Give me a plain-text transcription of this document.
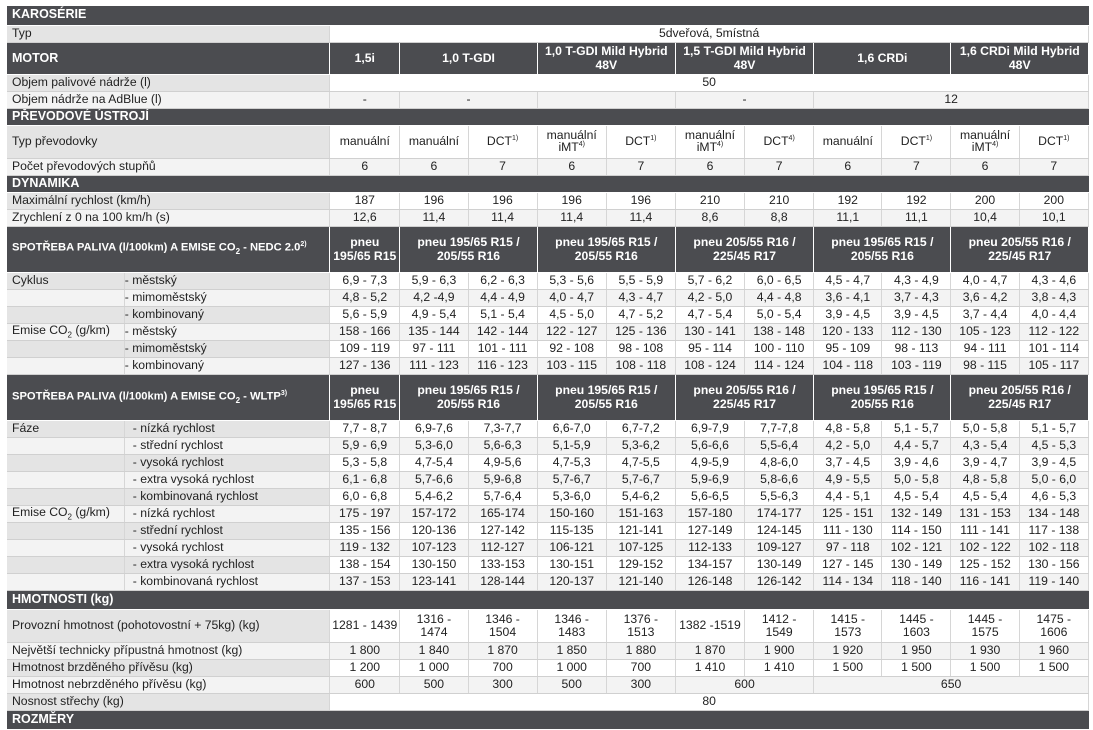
KAROSÉRIE												
Typ		5dveřová, 5místná										
MOTOR		1,5i	1,0 T-GDI		1,0 T-GDI Mild Hybrid 48V		1,5 T-GDI Mild Hybrid 48V		1,6 CRDi		1,6 CRDi Mild Hybrid 48V	
Objem palivové nádrže (l)		50										
Objem nádrže na AdBlue (l)		-	-				-		12			
PŘEVODOVÉ ÚSTROJÍ												
Typ převodovky		manuální	manuální	DCT$^{1)}$	manuální iMT$^{4)}$	DCT$^{1)}$	manuální iMT$^{4)}$	DCT$^{4)}$	manuální	DCT$^{1)}$	manuální iMT$^{4)}$	DCT$^{1)}$
Počet převodových stupňů		6	6	7	6	7	6	7	6	7	6	7
DYNAMIKA												
Maximální rychlost (km/h)		187	196	196	196	196	210	210	192	192	200	200
Zrychlení z 0 na 100 km/h (s)		12,6	11,4	11,4	11,4	11,4	8,6	8,8	11,1	11,1	10,4	10,1
SPOTŘEBA PALIVA (l/100km) A EMISE $CO_2$ - NEDC 2.0$^{2)}$		pneu 195/65 R15	pneu 195/65 R15 / 205/55 R16		pneu 195/65 R15 / 205/55 R16		pneu 205/55 R16 / 225/45 R17		pneu 195/65 R15 / 205/55 R16		pneu 205/55 R16 / 225/45 R17	
Cyklus	- městský	6,9 - 7,3	5,9 - 6,3	6,2 - 6,3	5,3 - 5,6	5,5 - 5,9	5,7 - 6,2	6,0 - 6,5	4,5 - 4,7	4,3 - 4,9	4,0 - 4,7	4,3 - 4,6
	- mimoměstský	4,8 - 5,2	4,2 -4,9	4,4 - 4,9	4,0 - 4,7	4,3 - 4,7	4,2 - 5,0	4,4 - 4,8	3,6 - 4,1	3,7 - 4,3	3,6 - 4,2	3,8 - 4,3
	- kombinovaný	5,6 - 5,9	4,9 - 5,4	5,1 - 5,4	4,5 - 5,0	4,7 - 5,2	4,7 - 5,4	5,0 - 5,4	3,9 - 4,5	3,9 - 4,5	3,7 - 4,4	4,0 - 4,4
Emise $CO_2$ (g/km)	- městský	158 - 166	135 - 144	142 - 144	122 - 127	125 - 136	130 - 141	138 - 148	120 - 133	112 - 130	105 - 123	112 - 122
	- mimoměstský	109 - 119	97 - 111	101 - 111	92 - 108	98 - 108	95 - 114	100 - 110	95 - 109	98 - 113	94 - 111	101 - 114
	- kombinovaný	127 - 136	111 - 123	116 - 123	103 - 115	108 - 118	108 - 124	114 - 124	104 - 118	103 - 119	98 - 115	105 - 117
SPOTŘEBA PALIVA (l/100km) A EMISE $CO_2$ - WLTP$^{3)}$		pneu 195/65 R15	pneu 195/65 R15 / 205/55 R16		pneu 195/65 R15 / 205/55 R16		pneu 205/55 R16 / 225/45 R17		pneu 195/65 R15 / 205/55 R16		pneu 205/55 R16 / 225/45 R17	
Fáze	- nízká rychlost	7,7 - 8,7	6,9-7,6	7,3-7,7	6,6-7,0	6,7-7,2	6,9-7,9	7,7-7,8	4,8 - 5,8	5,1 - 5,7	5,0 - 5,8	5,1 - 5,7
	- střední rychlost	5,9 - 6,9	5,3-6,0	5,6-6,3	5,1-5,9	5,3-6,2	5,6-6,6	5,5-6,4	4,2 - 5,0	4,4 - 5,7	4,3 - 5,4	4,5 - 5,3
	- vysoká rychlost	5,3 - 5,8	4,7-5,4	4,9-5,6	4,7-5,3	4,7-5,5	4,9-5,9	4,8-6,0	3,7 - 4,5	3,9 - 4,6	3,9 - 4,7	3,9 - 4,5
	- extra vysoká rychlost	6,1 - 6,8	5,7-6,6	5,9-6,8	5,7-6,7	5,7-6,7	5,9-6,9	5,8-6,6	4,9 - 5,5	5,0 - 5,8	4,8 - 5,8	5,0 - 6,0
	- kombinovaná rychlost	6,0 - 6,8	5,4-6,2	5,7-6,4	5,3-6,0	5,4-6,2	5,6-6,5	5,5-6,3	4,4 - 5,1	4,5 - 5,4	4,5 - 5,4	4,6 - 5,3
Emise $CO_2$ (g/km)	- nízká rychlost	175 - 197	157-172	165-174	150-160	151-163	157-180	174-177	125 - 151	132 - 149	131 - 153	134 - 148
	- střední rychlost	135 - 156	120-136	127-142	115-135	121-141	127-149	124-145	111 - 130	114 - 150	111 - 141	117 - 138
	- vysoká rychlost	119 - 132	107-123	112-127	106-121	107-125	112-133	109-127	97 - 118	102 - 121	102 - 122	102 - 118
	- extra vysoká rychlost	138 - 154	130-150	133-153	130-151	129-152	134-157	130-149	127 - 145	130 - 149	125 - 152	130 - 156
	- kombinovaná rychlost	137 - 153	123-141	128-144	120-137	121-140	126-148	126-142	114 - 134	118 - 140	116 - 141	119 - 140
HMOTNOSTI (kg)												
Provozní hmotnost (pohotovostní + 75kg) (kg)		1281 - 1439	1316 - 1474	1346 - 1504	1346 - 1483	1376 - 1513	1382 -1519	1412 - 1549	1415 - 1573	1445 - 1603	1445 - 1575	1475 - 1606
Největší technicky přípustná hmotnost (kg)		1 800	1 840	1 870	1 850	1 880	1 870	1 900	1 920	1 950	1 930	1 960
Hmotnost brzděného přívěsu (kg)		1 200	1 000	700	1 000	700	1 410	1 410	1 500	1 500	1 500	1 500
Hmotnost nebrzděného přívěsu (kg)		600	500	300	500	300	600		650			
Nosnost střechy (kg)		80										
ROZMĚRY												
